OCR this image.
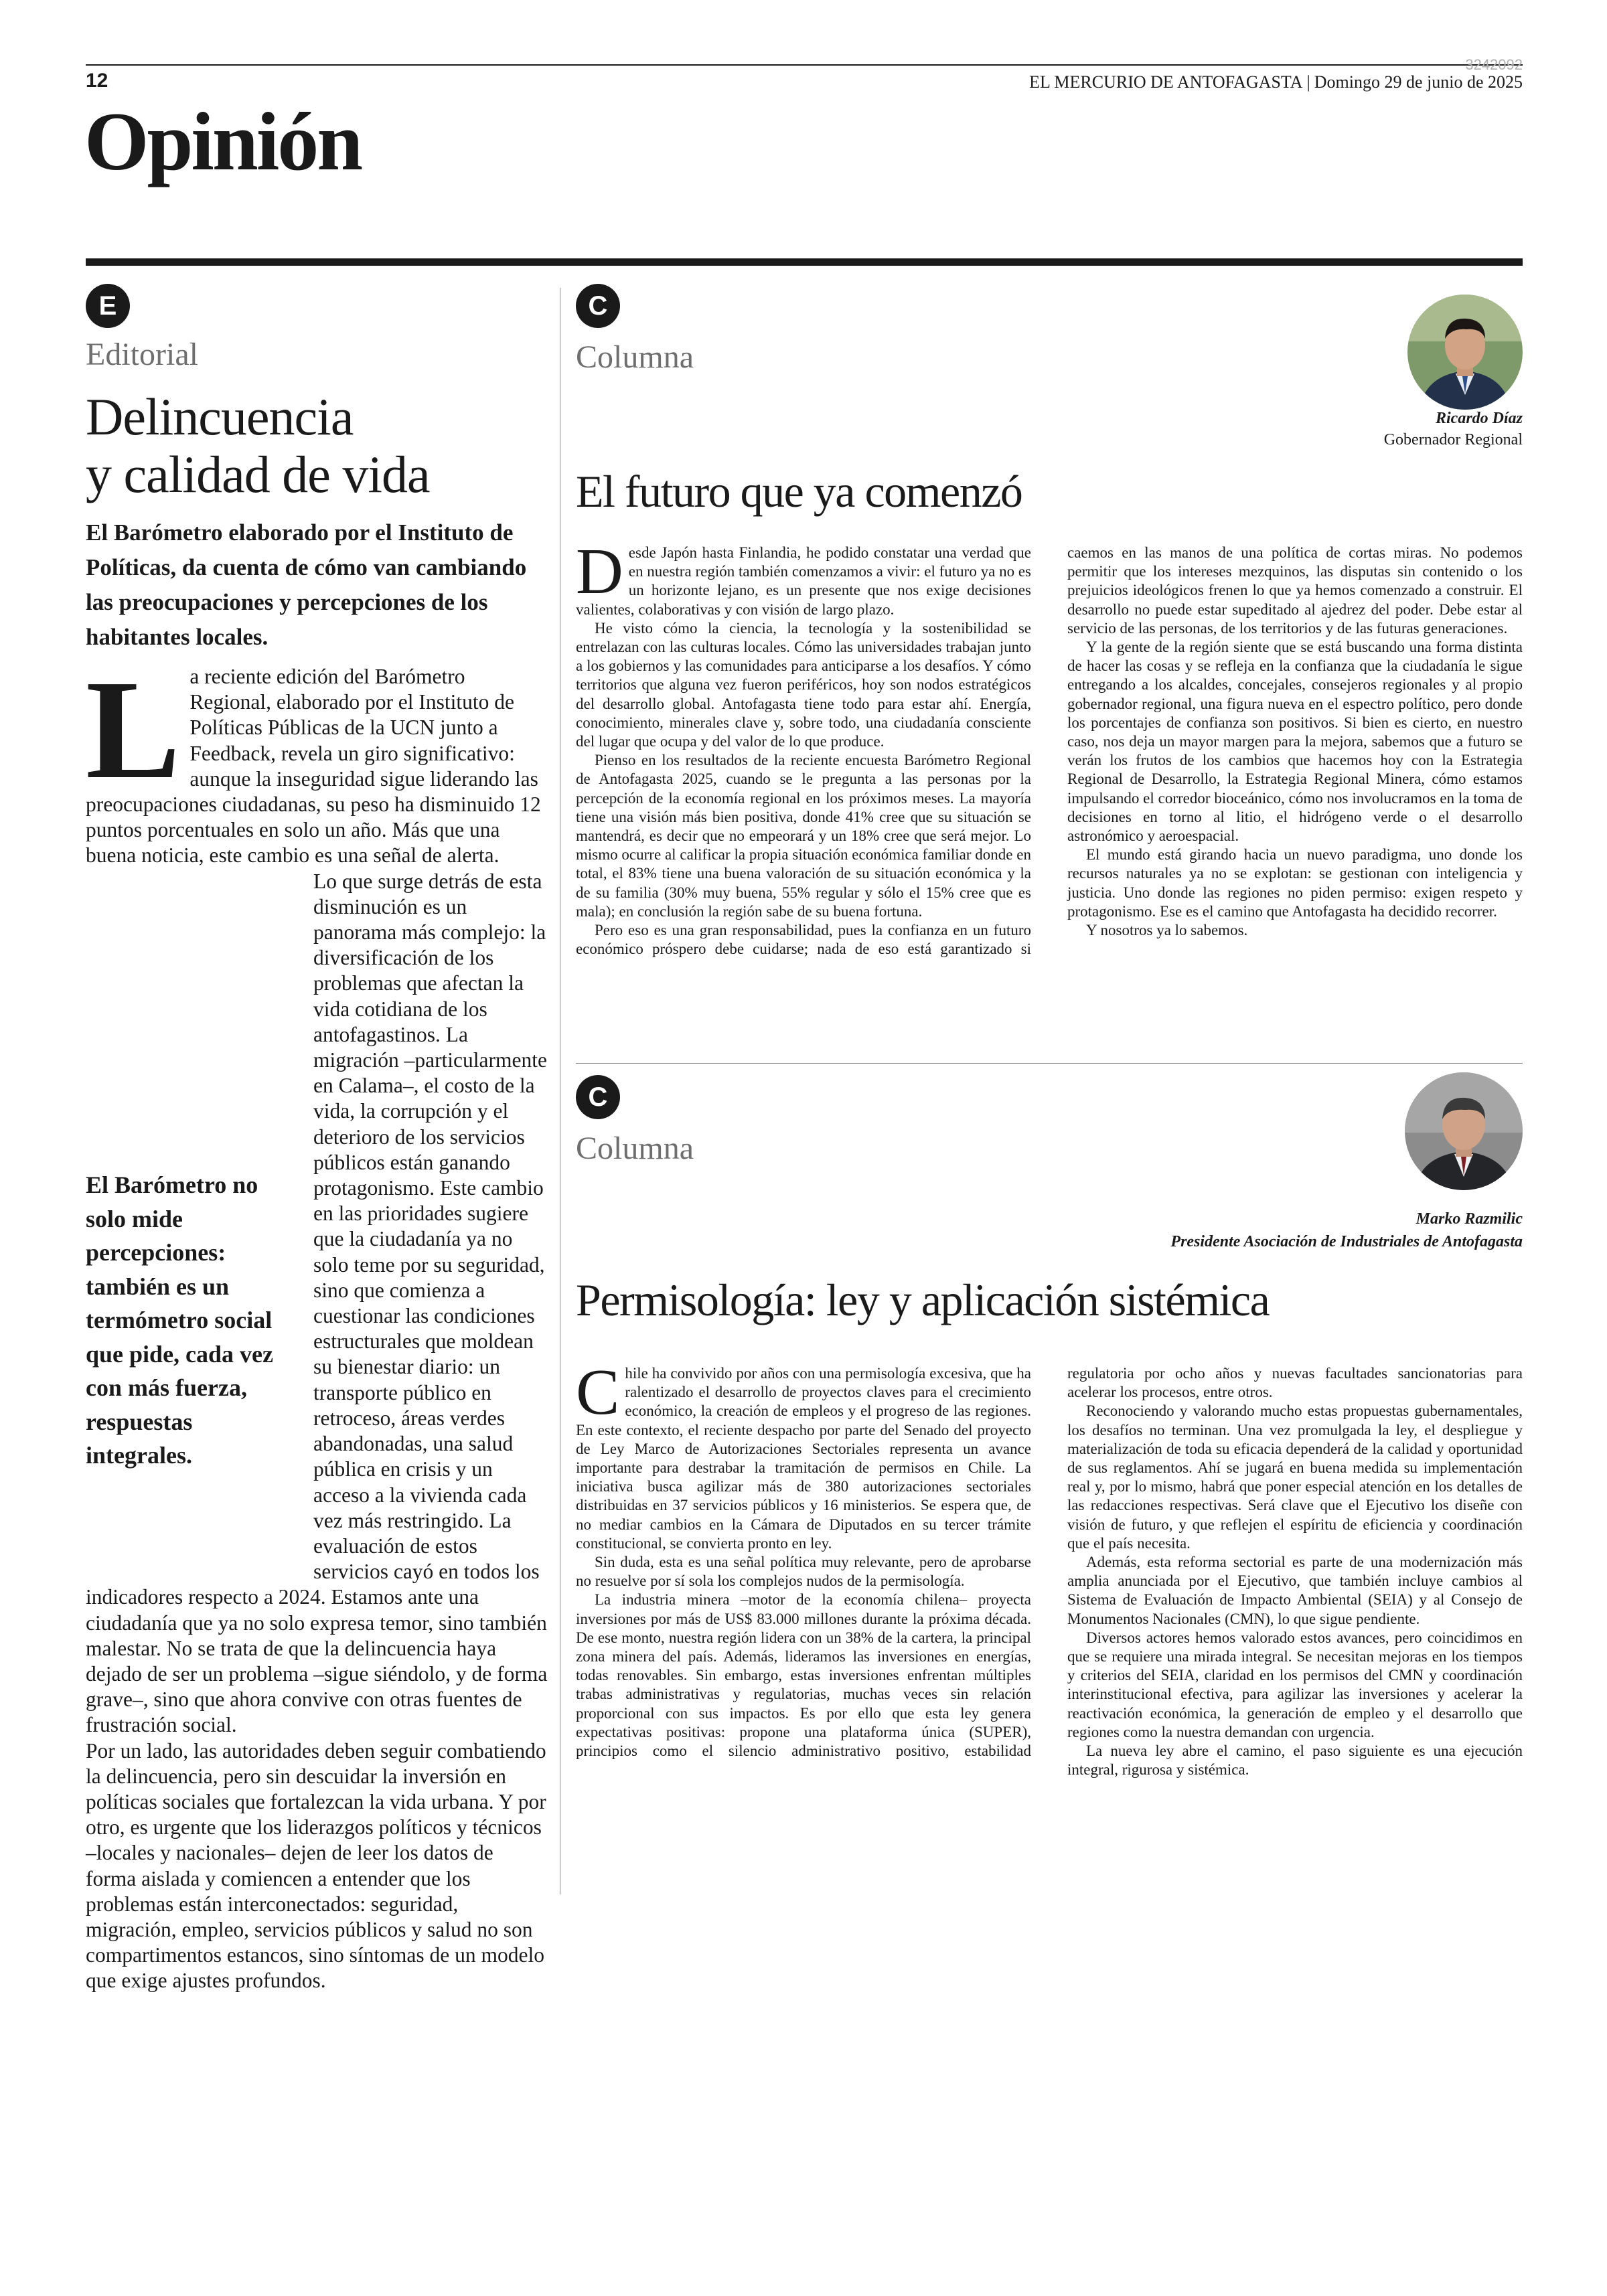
3242092
12	EL MERCURIO DE ANTOFAGASTA | Domingo 29 de junio de 2025
Opinión
E
Editorial
Delincuencia
y calidad de vida
El Barómetro elaborado por el Instituto de Políticas, da cuenta de cómo van cambiando las preocupaciones y percepciones de los habitantes locales.

La reciente edición del Barómetro Regional, elaborado por el Instituto de Políticas Públicas de la UCN junto a Feedback, revela un giro significativo: aunque la inseguridad sigue liderando las preocupaciones ciudadanas, su peso ha disminuido 12 puntos porcentuales en solo un año. Más que una buena noticia, este cambio es una señal de alerta.

Lo que surge detrás de esta disminución es un panorama más complejo: la diversificación de los problemas que afectan la vida cotidiana de los antofagastinos. La migración –particularmente en Calama–, el costo de la vida, la corrupción y el deterioro de los servicios públicos están ganando protagonismo. Este cambio en las prioridades sugiere que la ciudadanía ya no solo teme por su seguridad, sino que comienza a cuestionar las condiciones estructurales que moldean su bienestar diario: un transporte público en retroceso, áreas verdes abandonadas, una salud pública en crisis y un acceso a la vivienda cada vez más restringido. La evaluación de estos servicios cayó en todos los indicadores respecto a 2024. Estamos ante una ciudadanía que ya no solo expresa temor, sino también malestar. No se trata de que la delincuencia haya dejado de ser un problema –sigue siéndolo, y de forma grave–, sino que ahora convive con otras fuentes de frustración social.

Por un lado, las autoridades deben seguir combatiendo la delincuencia, pero sin descuidar la inversión en políticas sociales que fortalezcan la vida urbana. Y por otro, es urgente que los liderazgos políticos y técnicos –locales y nacionales– dejen de leer los datos de forma aislada y comiencen a entender que los problemas están interconectados: seguridad, migración, empleo, servicios públicos y salud no son compartimentos estancos, sino síntomas de un modelo que exige ajustes profundos.

El Barómetro no solo mide percepciones: también es un termómetro social que pide, cada vez con más fuerza, respuestas integrales.
C
Columna
Ricardo Díaz
Gobernador Regional
El futuro que ya comenzó

Desde Japón hasta Finlandia, he podido constatar una verdad que en nuestra región también comenzamos a vivir: el futuro ya no es un horizonte lejano, es un presente que nos exige decisiones valientes, colaborativas y con visión de largo plazo.

He visto cómo la ciencia, la tecnología y la sostenibilidad se entrelazan con las culturas locales. Cómo las universidades trabajan junto a los gobiernos y las comunidades para anticiparse a los desafíos. Y cómo territorios que alguna vez fueron periféricos, hoy son nodos estratégicos del desarrollo global. Antofagasta tiene todo para estar ahí. Energía, conocimiento, minerales clave y, sobre todo, una ciudadanía consciente del lugar que ocupa y del valor de lo que produce.

Pienso en los resultados de la reciente encuesta Barómetro Regional de Antofagasta 2025, cuando se le pregunta a las personas por la percepción de la economía regional en los próximos meses. La mayoría tiene una visión más bien positiva, donde 41% cree que su situación se mantendrá, es decir que no empeorará y un 18% cree que será mejor. Lo mismo ocurre al calificar la propia situación económica familiar donde en total, el 83% tiene una buena valoración de su situación económica y la de su familia (30% muy buena, 55% regular y sólo el 15% cree que es mala); en conclusión la región sabe de su buena fortuna.

Pero eso es una gran responsabilidad, pues la confianza en un futuro económico próspero debe cuidarse; nada de eso está garantizado si caemos en las manos de una política de cortas miras. No podemos permitir que los intereses mezquinos, las disputas sin contenido o los prejuicios ideológicos frenen lo que ya hemos comenzado a construir. El desarrollo no puede estar supeditado al ajedrez del poder. Debe estar al servicio de las personas, de los territorios y de las futuras generaciones.

Y la gente de la región siente que se está buscando una forma distinta de hacer las cosas y se refleja en la confianza que la ciudadanía le sigue entregando a los alcaldes, concejales, consejeros regionales y al propio gobernador regional, una figura nueva en el espectro político, pero donde los porcentajes de confianza son positivos. Si bien es cierto, en nuestro caso, nos deja un mayor margen para la mejora, sabemos que a futuro se verán los frutos de los cambios que hacemos hoy con la Estrategia Regional de Desarrollo, la Estrategia Regional Minera, cómo estamos impulsando el corredor bioceánico, cómo nos involucramos en la toma de decisiones en torno al litio, el hidrógeno verde o el desarrollo astronómico y aeroespacial.

El mundo está girando hacia un nuevo paradigma, uno donde los recursos naturales ya no se explotan: se gestionan con inteligencia y justicia. Uno donde las regiones no piden permiso: exigen respeto y protagonismo. Ese es el camino que Antofagasta ha decidido recorrer.

Y nosotros ya lo sabemos.

C
Columna
Marko Razmilic
Presidente Asociación de Industriales de Antofagasta
Permisología: ley y aplicación sistémica

Chile ha convivido por años con una permisología excesiva, que ha ralentizado el desarrollo de proyectos claves para el crecimiento económico, la creación de empleos y el progreso de las regiones. En este contexto, el reciente despacho por parte del Senado del proyecto de Ley Marco de Autorizaciones Sectoriales representa un avance importante para destrabar la tramitación de permisos en Chile. La iniciativa busca agilizar más de 380 autorizaciones sectoriales distribuidas en 37 servicios públicos y 16 ministerios. Se espera que, de no mediar cambios en la Cámara de Diputados en su tercer trámite constitucional, se convierta pronto en ley.

Sin duda, esta es una señal política muy relevante, pero de aprobarse no resuelve por sí sola los complejos nudos de la permisología.

La industria minera –motor de la economía chilena– proyecta inversiones por más de US$ 83.000 millones durante la próxima década. De ese monto, nuestra región lidera con un 38% de la cartera, la principal zona minera del país. Además, lideramos las inversiones en energías, todas renovables. Sin embargo, estas inversiones enfrentan múltiples trabas administrativas y regulatorias, muchas veces sin relación proporcional con sus impactos. Es por ello que esta ley genera expectativas positivas: propone una plataforma única (SUPER), principios como el silencio administrativo positivo, estabilidad regulatoria por ocho años y nuevas facultades sancionatorias para acelerar los procesos, entre otros.

Reconociendo y valorando mucho estas propuestas gubernamentales, los desafíos no terminan. Una vez promulgada la ley, el despliegue y materialización de toda su eficacia dependerá de la calidad y oportunidad de sus reglamentos. Ahí se jugará en buena medida su implementación real y, por lo mismo, habrá que poner especial atención en los detalles de las redacciones respectivas. Será clave que el Ejecutivo los diseñe con visión de futuro, y que reflejen el espíritu de eficiencia y coordinación que el país necesita.

Además, esta reforma sectorial es parte de una modernización más amplia anunciada por el Ejecutivo, que también incluye cambios al Sistema de Evaluación de Impacto Ambiental (SEIA) y al Consejo de Monumentos Nacionales (CMN), lo que sigue pendiente.

Diversos actores hemos valorado estos avances, pero coincidimos en que se requiere una mirada integral. Se necesitan mejoras en los tiempos y criterios del SEIA, claridad en los permisos del CMN y coordinación interinstitucional efectiva, para agilizar las inversiones y acelerar la reactivación económica, la generación de empleo y el desarrollo que regiones como la nuestra demandan con urgencia.

La nueva ley abre el camino, el paso siguiente es una ejecución integral, rigurosa y sistémica.
